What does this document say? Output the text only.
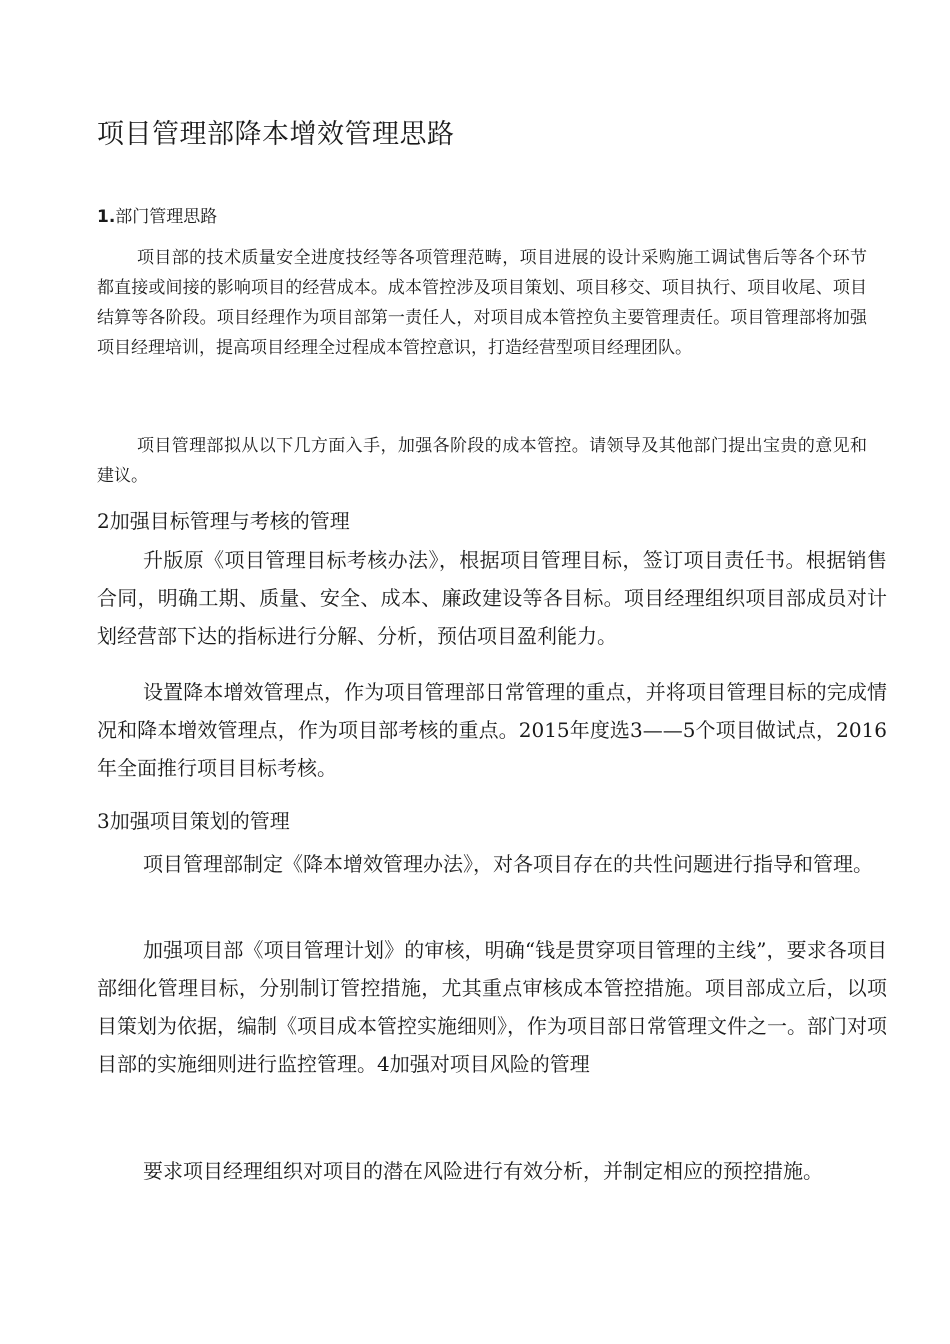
项目管理部降本增效管理思路
1.部门管理思路

项目部的技术质量安全进度技经等各项管理范畴，项目进展的设计采购施工调试售后等各个环节都直接或间接的影响项目的经营成本。成本管控涉及项目策划、项目移交、项目执行、项目收尾、项目结算等各阶段。项目经理作为项目部第一责任人，对项目成本管控负主要管理责任。项目管理部将加强项目经理培训，提高项目经理全过程成本管控意识，打造经营型项目经理团队。

项目管理部拟从以下几方面入手，加强各阶段的成本管控。请领导及其他部门提出宝贵的意见和建议。

2加强目标管理与考核的管理

升版原《项目管理目标考核办法》，根据项目管理目标，签订项目责任书。根据销售合同，明确工期、质量、安全、成本、廉政建设等各目标。项目经理组织项目部成员对计划经营部下达的指标进行分解、分析，预估项目盈利能力。

设置降本增效管理点，作为项目管理部日常管理的重点，并将项目管理目标的完成情况和降本增效管理点，作为项目部考核的重点。2015年度选3——5个项目做试点，2016年全面推行项目目标考核。

3加强项目策划的管理

项目管理部制定《降本增效管理办法》，对各项目存在的共性问题进行指导和管理。

加强项目部《项目管理计划》的审核，明确“钱是贯穿项目管理的主线”，要求各项目部细化管理目标，分别制订管控措施，尤其重点审核成本管控措施。项目部成立后，以项目策划为依据，编制《项目成本管控实施细则》，作为项目部日常管理文件之一。部门对项目部的实施细则进行监控管理。4加强对项目风险的管理

要求项目经理组织对项目的潜在风险进行有效分析，并制定相应的预控措施。
